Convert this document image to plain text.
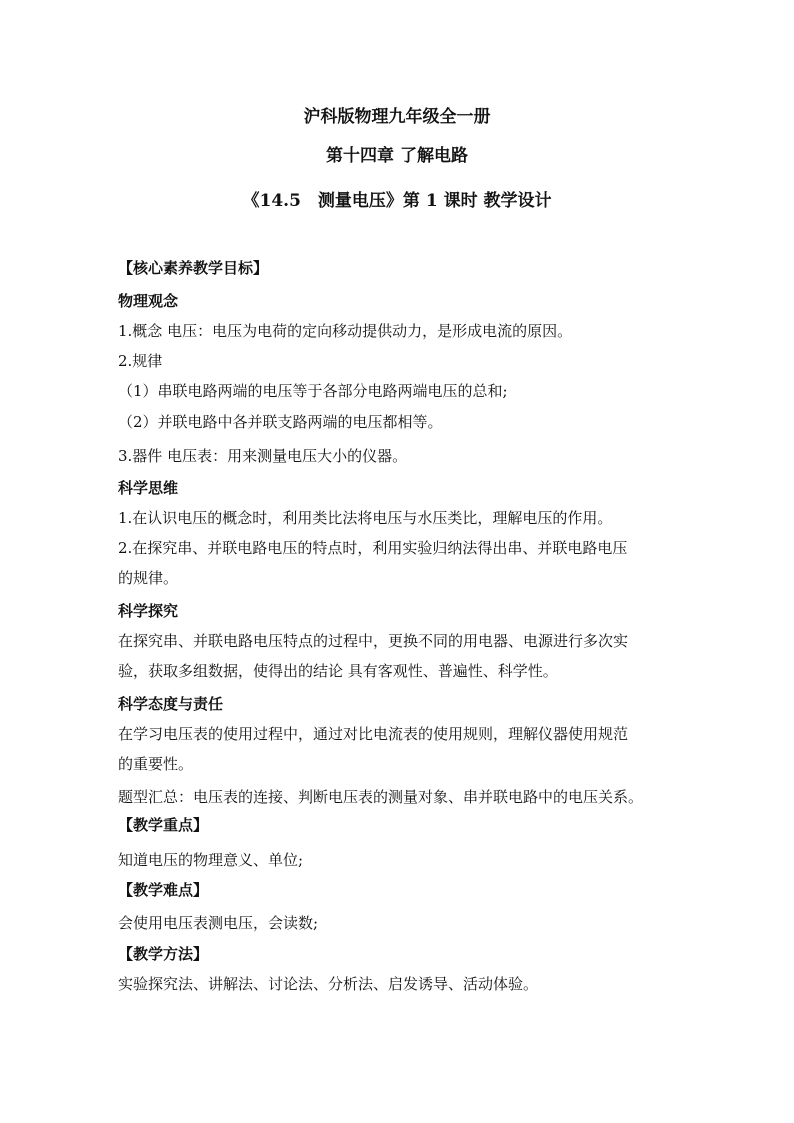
沪科版物理九年级全一册
第十四章 了解电路
《14.5　测量电压》第 1 课时 教学设计
【核心素养教学目标】
物理观念
1.概念 电压：电压为电荷的定向移动提供动力，是形成电流的原因。
2.规律
（1）串联电路两端的电压等于各部分电路两端电压的总和;
（2）并联电路中各并联支路两端的电压都相等。
3.器件 电压表：用来测量电压大小的仪器。
科学思维
1.在认识电压的概念时，利用类比法将电压与水压类比，理解电压的作用。
2.在探究串、并联电路电压的特点时，利用实验归纳法得出串、并联电路电压
的规律。
科学探究
在探究串、并联电路电压特点的过程中，更换不同的用电器、电源进行多次实
验，获取多组数据，使得出的结论 具有客观性、普遍性、科学性。
科学态度与责任
在学习电压表的使用过程中，通过对比电流表的使用规则，理解仪器使用规范
的重要性。
题型汇总：电压表的连接、判断电压表的测量对象、串并联电路中的电压关系。
【教学重点】
知道电压的物理意义、单位;
【教学难点】
会使用电压表测电压，会读数;
【教学方法】
实验探究法、讲解法、讨论法、分析法、启发诱导、活动体验。
